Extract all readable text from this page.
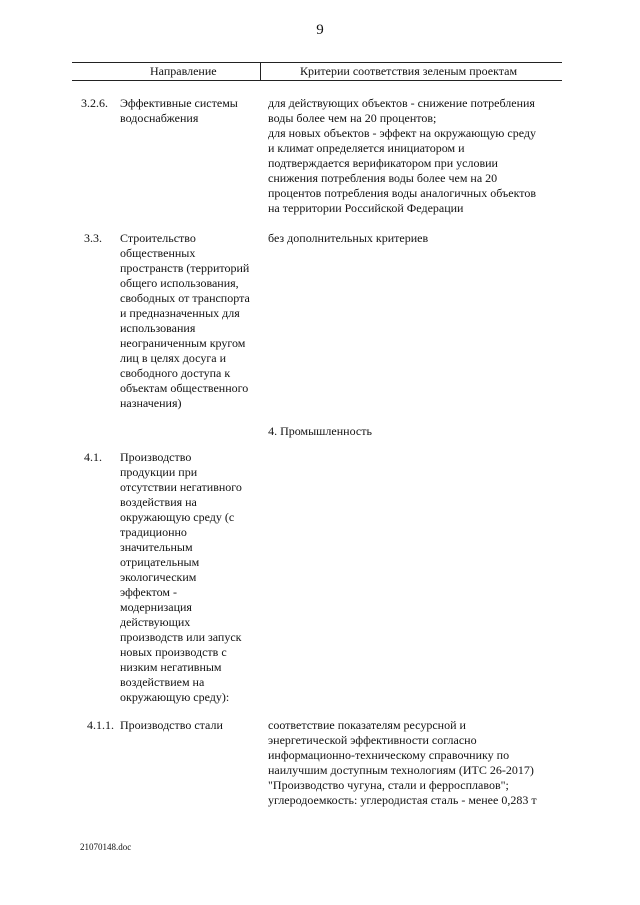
9
Направление	Критерии соответствия зеленым проектам
3.2.6. Эффективные системы
водоснабжения
для действующих объектов - снижение потребления
воды более чем на 20 процентов;
для новых объектов - эффект на окружающую среду
и климат определяется инициатором и
подтверждается верификатором при условии
снижения потребления воды более чем на 20
процентов потребления воды аналогичных объектов
на территории Российской Федерации
3.3. Строительство
общественных
пространств (территорий
общего использования,
свободных от транспорта
и предназначенных для
использования
неограниченным кругом
лиц в целях досуга и
свободного доступа к
объектам общественного
назначения)
без дополнительных критериев
4. Промышленность
4.1. Производство
продукции при
отсутствии негативного
воздействия на
окружающую среду (с
традиционно
значительным
отрицательным
экологическим
эффектом -
модернизация
действующих
производств или запуск
новых производств с
низким негативным
воздействием на
окружающую среду):
4.1.1. Производство стали	соответствие показателям ресурсной и
энергетической эффективности согласно
информационно-техническому справочнику по
наилучшим доступным технологиям (ИТС 26-2017)
"Производство чугуна, стали и ферросплавов";
углеродоемкость: углеродистая сталь - менее 0,283 т
21070148.doc
